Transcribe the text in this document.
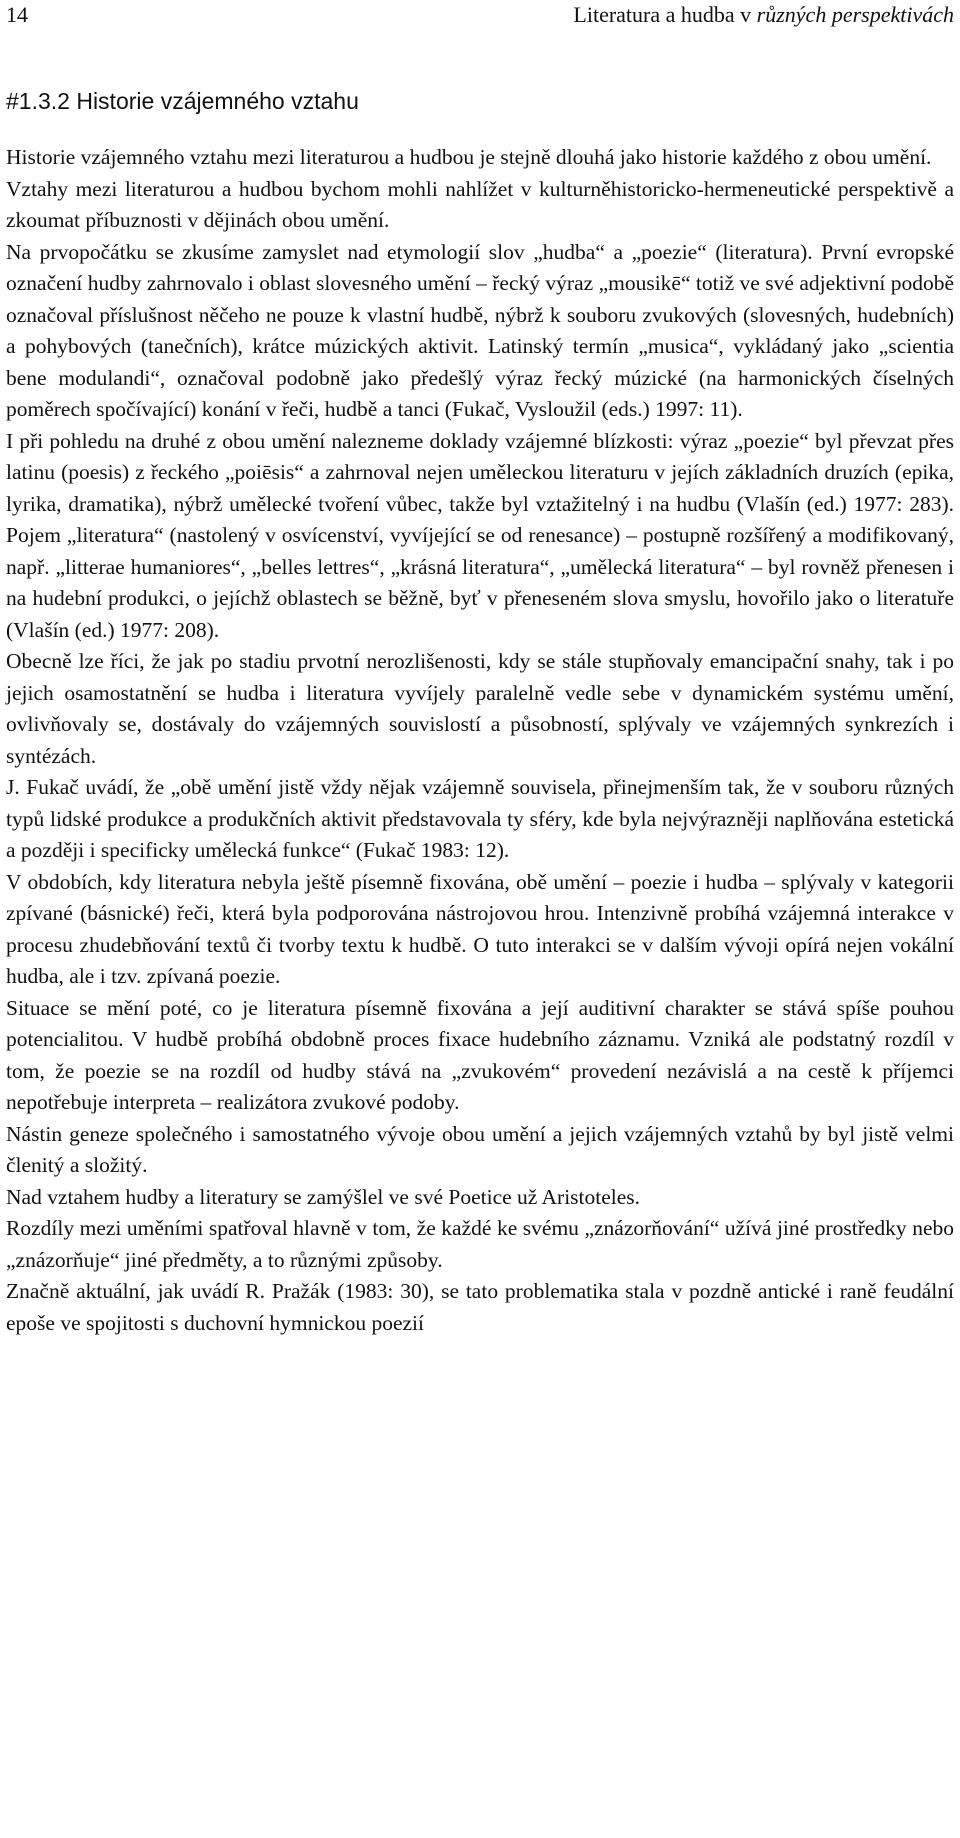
14	Literatura a hudba v různých perspektivách
#1.3.2 Historie vzájemného vztahu

Historie vzájemného vztahu mezi literaturou a hudbou je stejně dlouhá jako historie každého z obou umění.

Vztahy mezi literaturou a hudbou bychom mohli nahlížet v kulturněhistoricko-hermeneutické perspektivě a zkoumat příbuznosti v dějinách obou umění.

Na prvopočátku se zkusíme zamyslet nad etymologií slov „hudba“ a „poezie“ (literatura). První evropské označení hudby zahrnovalo i oblast slovesného umění – řecký výraz „mousikē“ totiž ve své adjektivní podobě označoval příslušnost něčeho ne pouze k vlastní hudbě, nýbrž k souboru zvukových (slovesných, hudebních) a pohybových (tanečních), krátce múzických aktivit. Latinský termín „musica“, vykládaný jako „scientia bene modulandi“, označoval podobně jako předešlý výraz řecký múzické (na harmonických číselných poměrech spočívající) konání v řeči, hudbě a tanci (Fukač, Vysloužil (eds.) 1997: 11).

I při pohledu na druhé z obou umění nalezneme doklady vzájemné blízkosti: výraz „poezie“ byl převzat přes latinu (poesis) z řeckého „poiēsis“ a zahrnoval nejen uměleckou literaturu v jejích základních druzích (epika, lyrika, dramatika), nýbrž umělecké tvoření vůbec, takže byl vztažitelný i na hudbu (Vlašín (ed.) 1977: 283). Pojem „literatura“ (nastolený v osvícenství, vyvíjející se od renesance) – postupně rozšířený a modifikovaný, např. „litterae humaniores“, „belles lettres“, „krásná literatura“, „umělecká literatura“ – byl rovněž přenesen i na hudební produkci, o jejíchž oblastech se běžně, byť v přeneseném slova smyslu, hovořilo jako o literatuře (Vlašín (ed.) 1977: 208).

Obecně lze říci, že jak po stadiu prvotní nerozlišenosti, kdy se stále stupňovaly emancipační snahy, tak i po jejich osamostatnění se hudba i literatura vyvíjely paralelně vedle sebe v dynamickém systému umění, ovlivňovaly se, dostávaly do vzájemných souvislostí a působností, splývaly ve vzájemných synkrezích i syntézách.

J. Fukač uvádí, že „obě umění jistě vždy nějak vzájemně souvisela, přinejmenším tak, že v souboru různých typů lidské produkce a produkčních aktivit představovala ty sféry, kde byla nejvýrazněji naplňována estetická a později i specificky umělecká funkce“ (Fukač 1983: 12).

V obdobích, kdy literatura nebyla ještě písemně fixována, obě umění – poezie i hudba – splývaly v kategorii zpívané (básnické) řeči, která byla podporována nástrojovou hrou. Intenzivně probíhá vzájemná interakce v procesu zhudebňování textů či tvorby textu k hudbě. O tuto interakci se v dalším vývoji opírá nejen vokální hudba, ale i tzv. zpívaná poezie.

Situace se mění poté, co je literatura písemně fixována a její auditivní charakter se stává spíše pouhou potencialitou. V hudbě probíhá obdobně proces fixace hudebního záznamu. Vzniká ale podstatný rozdíl v tom, že poezie se na rozdíl od hudby stává na „zvukovém“ provedení nezávislá a na cestě k příjemci nepotřebuje interpreta – realizátora zvukové podoby.

Nástin geneze společného i samostatného vývoje obou umění a jejich vzájemných vztahů by byl jistě velmi členitý a složitý.

Nad vztahem hudby a literatury se zamýšlel ve své Poetice už Aristoteles.

Rozdíly mezi uměními spatřoval hlavně v tom, že každé ke svému „znázorňování“ užívá jiné prostředky nebo „znázorňuje“ jiné předměty, a to různými způsoby.

Značně aktuální, jak uvádí R. Pražák (1983: 30), se tato problematika stala v pozdně antické i raně feudální epoše ve spojitosti s duchovní hymnickou poezií
